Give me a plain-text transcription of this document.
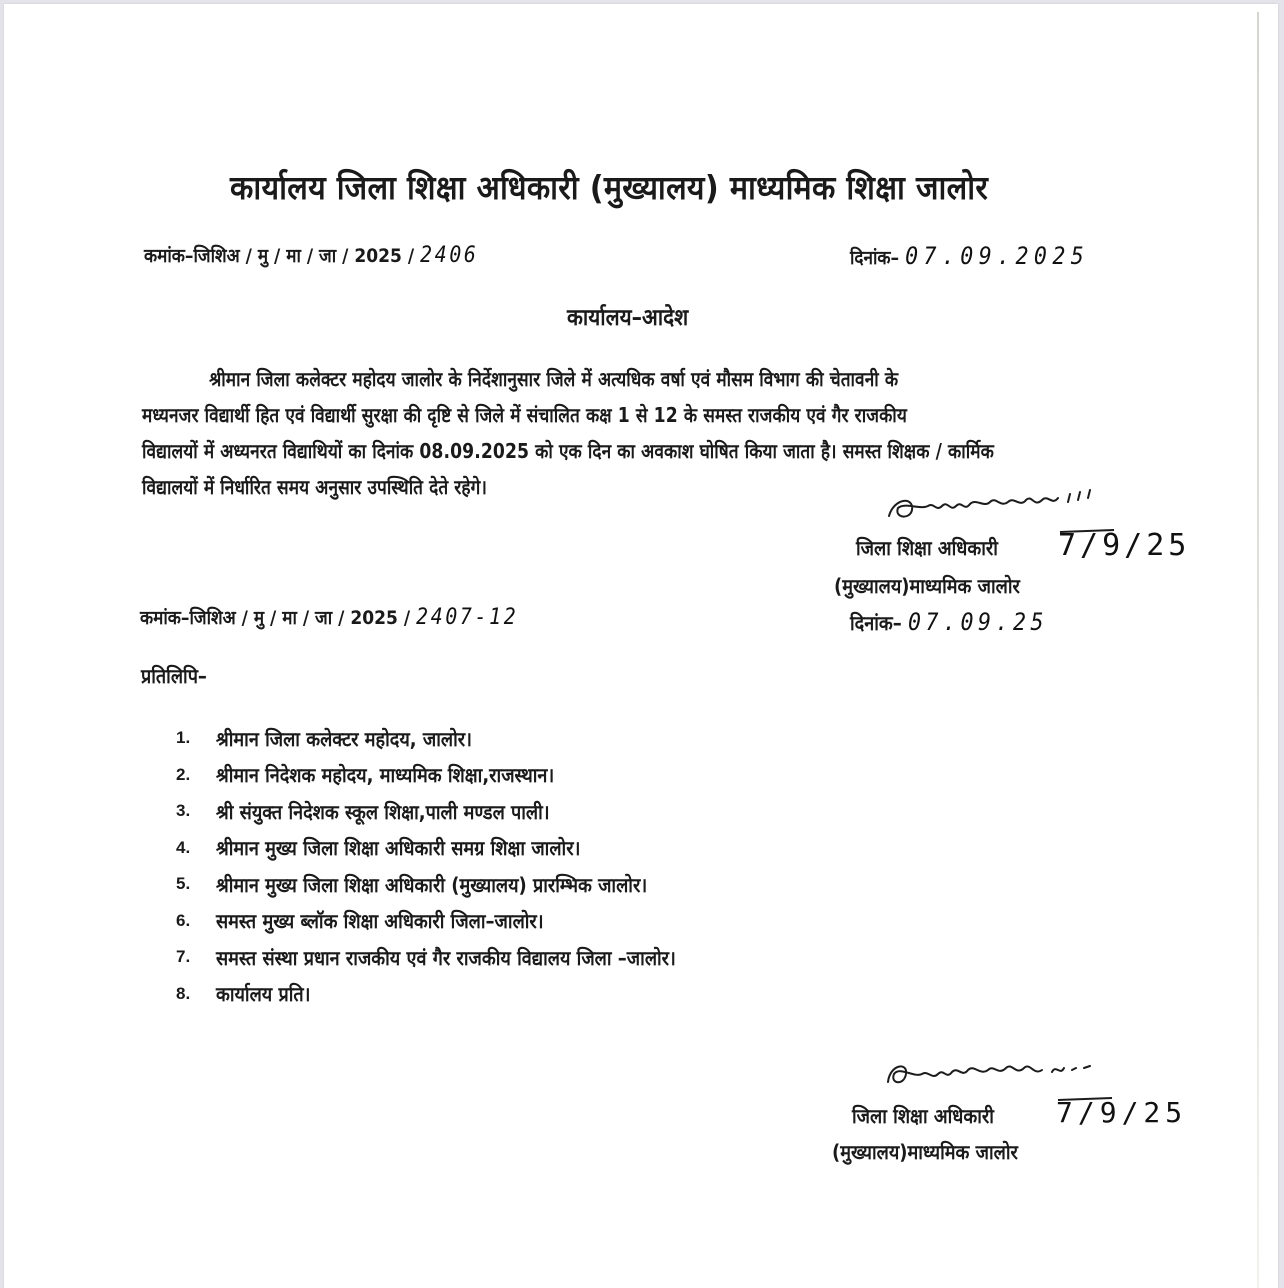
कार्यालय जिला शिक्षा अधिकारी (मुख्यालय) माध्यमिक शिक्षा जालोर
कमांक–जिशिअ / मु / मा / जा / 2025 / 2406	दिनांक– 07.09.2025
कार्यालय–आदेश
श्रीमान जिला कलेक्टर महोदय जालोर के निर्देशानुसार जिले में अत्यधिक वर्षा एवं मौसम विभाग की चेतावनी के
मध्यनजर विद्यार्थी हित एवं विद्यार्थी सुरक्षा की दृष्टि से जिले में संचालित कक्ष 1 से 12 के समस्त राजकीय एवं गैर राजकीय
विद्यालयों में अध्यनरत विद्याथियों का दिनांक 08.09.2025 को एक दिन का अवकाश घोषित किया जाता है। समस्त शिक्षक / कार्मिक
विद्यालयों में निर्धारित समय अनुसार उपस्थिति देते रहेगे।
जिला शिक्षा अधिकारी 7/9/25
(मुख्यालय)माध्यमिक जालोर
दिनांक– 07.09.25
कमांक–जिशिअ / मु / मा / जा / 2025 / 2407-12
प्रतिलिपि–
1.	श्रीमान जिला कलेक्टर महोदय, जालोर।
2.	श्रीमान निदेशक महोदय, माध्यमिक शिक्षा,राजस्थान।
3.	श्री संयुक्त निदेशक स्कूल शिक्षा,पाली मण्डल पाली।
4.	श्रीमान मुख्य जिला शिक्षा अधिकारी समग्र शिक्षा जालोर।
5.	श्रीमान मुख्य जिला शिक्षा अधिकारी (मुख्यालय) प्रारम्भिक जालोर।
6.	समस्त मुख्य ब्लॉक शिक्षा अधिकारी जिला–जालोर।
7.	समस्त संस्था प्रधान राजकीय एवं गैर राजकीय विद्यालय जिला –जालोर।
8.	कार्यालय प्रति।
जिला शिक्षा अधिकारी 7/9/25
(मुख्यालय)माध्यमिक जालोर
